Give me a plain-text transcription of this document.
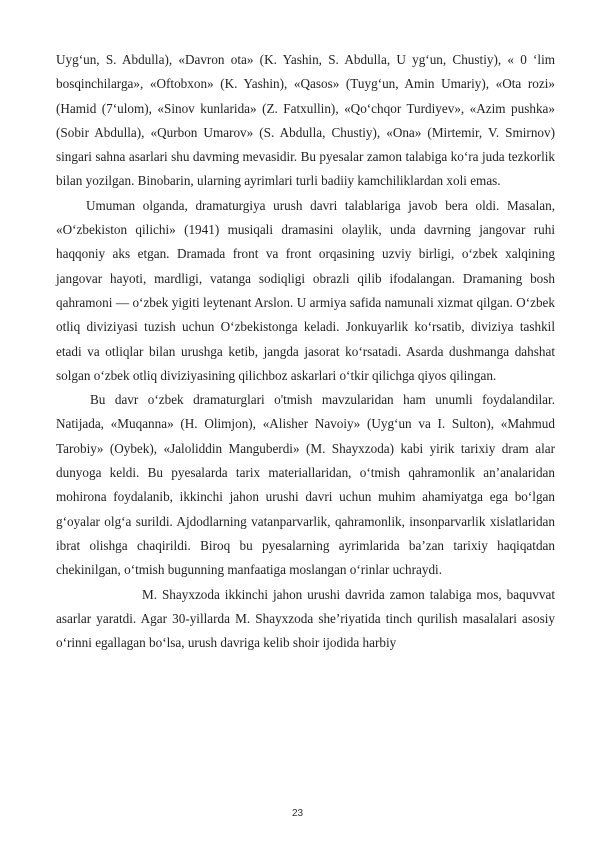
Uyg‘un, S. Abdulla), «Davron ota» (K. Yashin, S. Abdulla, U yg‘un, Chustiy), « 0 ‘lim bosqinchilarga», «Oftobxon» (K. Yashin), «Qasos» (Tuyg‘un, Amin Umariy), «Ota rozi» (Hamid (7‘ulom), «Sinov kunlarida» (Z. Fatxullin), «Qo‘chqor Turdiyev», «Azim pushka» (Sobir Abdulla), «Qurbon Umarov» (S. Abdulla, Chustiy), «Ona» (Mirtemir, V. Smirnov) singari sahna asarlari shu davming mevasidir. Bu pyesalar zamon talabiga ko‘ra juda tezkorlik bilan yozilgan. Binobarin, ularning ayrimlari turli badiiy kamchiliklardan xoli emas.

Umuman olganda, dramaturgiya urush davri talablariga javob bera oldi. Masalan, «O‘zbekiston qilichi» (1941) musiqali dramasini olaylik, unda davrning jangovar ruhi haqqoniy aks etgan. Dramada front va front orqasining uzviy birligi, o‘zbek xalqining jangovar hayoti, mardligi, vatanga sodiqligi obrazli qilib ifodalangan. Dramaning bosh qahramoni — o‘zbek yigiti leytenant Arslon. U armiya safida namunali xizmat qilgan. O‘zbek otliq diviziyasi tuzish uchun O‘zbekistonga keladi. Jonkuyarlik ko‘rsatib, diviziya tashkil etadi va otliqlar bilan urushga ketib, jangda jasorat ko‘rsatadi. Asarda dushmanga dahshat solgan o‘zbek otliq diviziyasining qilichboz askarlari o‘tkir qilichga qiyos qilingan.

Bu davr o‘zbek dramaturglari o'tmish mavzularidan ham unumli foydalandilar. Natijada, «Muqanna» (H. Olimjon), «Alisher Navoiy» (Uyg‘un va I. Sulton), «Mahmud Tarobiy» (Oybek), «Jaloliddin Manguberdi» (M. Shayxzoda) kabi yirik tarixiy dram alar dunyoga keldi. Bu pyesalarda tarix materiallaridan, o‘tmish qahramonlik an’analaridan mohirona foydalanib, ikkinchi jahon urushi davri uchun muhim ahamiyatga ega bo‘lgan g‘oyalar olg‘a surildi. Ajdodlarning vatanparvarlik, qahramonlik, insonparvarlik xislatlaridan ibrat olishga chaqirildi. Biroq bu pyesalarning ayrimlarida ba’zan tarixiy haqiqatdan chekinilgan, o‘tmish bugunning manfaatiga moslangan o‘rinlar uchraydi.

M. Shayxzoda ikkinchi jahon urushi davrida zamon talabiga mos, baquvvat asarlar yaratdi. Agar 30-yillarda M. Shayxzoda she’riyatida tinch qurilish masalalari asosiy o‘rinni egallagan bo‘lsa, urush davriga kelib shoir ijodida harbiy

23
